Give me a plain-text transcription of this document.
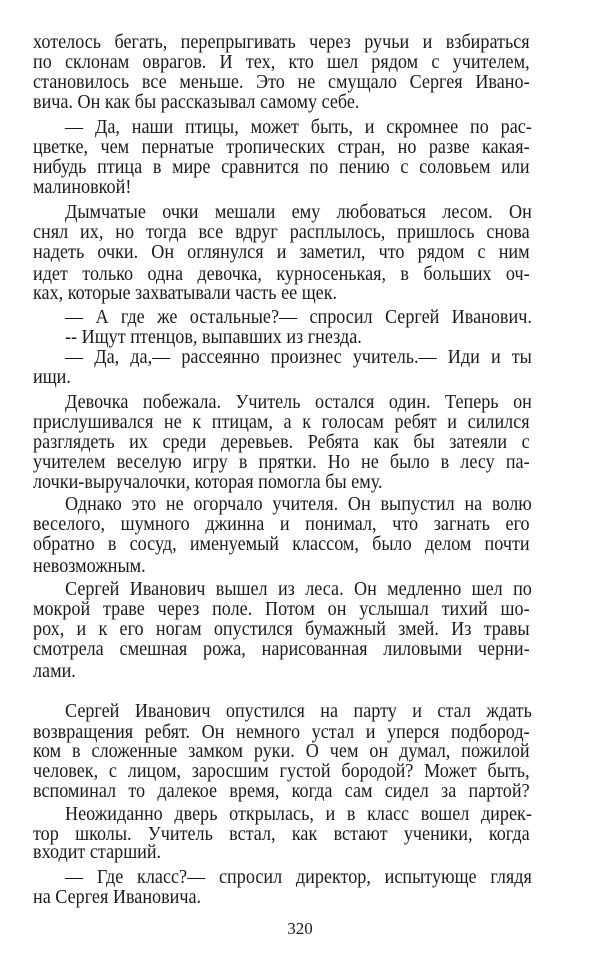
хотелось бегать, перепрыгивать через ручьи и взбираться
по склонам оврагов. И тех, кто шел рядом с учителем,
становилось все меньше. Это не смущало Сергея Ивано-
вича. Он как бы рассказывал самому себе.
— Да, наши птицы, может быть, и скромнее по рас-
цветке, чем пернатые тропических стран, но разве какая-
нибудь птица в мире сравнится по пению с соловьем или
малиновкой!
Дымчатые очки мешали ему любоваться лесом. Он
снял их, но тогда все вдруг расплылось, пришлось снова
надеть очки. Он оглянулся и заметил, что рядом с ним
идет только одна девочка, курносенькая, в больших оч-
ках, которые захватывали часть ее щек.
— А где же остальные?— спросил Сергей Иванович.
-- Ищут птенцов, выпавших из гнезда.
— Да, да,— рассеянно произнес учитель.— Иди и ты
ищи.
Девочка побежала. Учитель остался один. Теперь он
прислушивался не к птицам, а к голосам ребят и силился
разглядеть их среди деревьев. Ребята как бы затеяли с
учителем веселую игру в прятки. Но не было в лесу па-
лочки-выручалочки, которая помогла бы ему.
Однако это не огорчало учителя. Он выпустил на волю
веселого, шумного джинна и понимал, что загнать его
обратно в сосуд, именуемый классом, было делом почти
невозможным.
Сергей Иванович вышел из леса. Он медленно шел по
мокрой траве через поле. Потом он услышал тихий шо-
рох, и к его ногам опустился бумажный змей. Из травы
смотрела смешная рожа, нарисованная лиловыми черни-
лами.
Сергей Иванович опустился на парту и стал ждать
возвращения ребят. Он немного устал и уперся подбород-
ком в сложенные замком руки. О чем он думал, пожилой
человек, с лицом, заросшим густой бородой? Может быть,
вспоминал то далекое время, когда сам сидел за партой?
Неожиданно дверь открылась, и в класс вошел дирек-
тор школы. Учитель встал, как встают ученики, когда
входит старший.
— Где класс?— спросил директор, испытующе глядя
на Сергея Ивановича.
320
